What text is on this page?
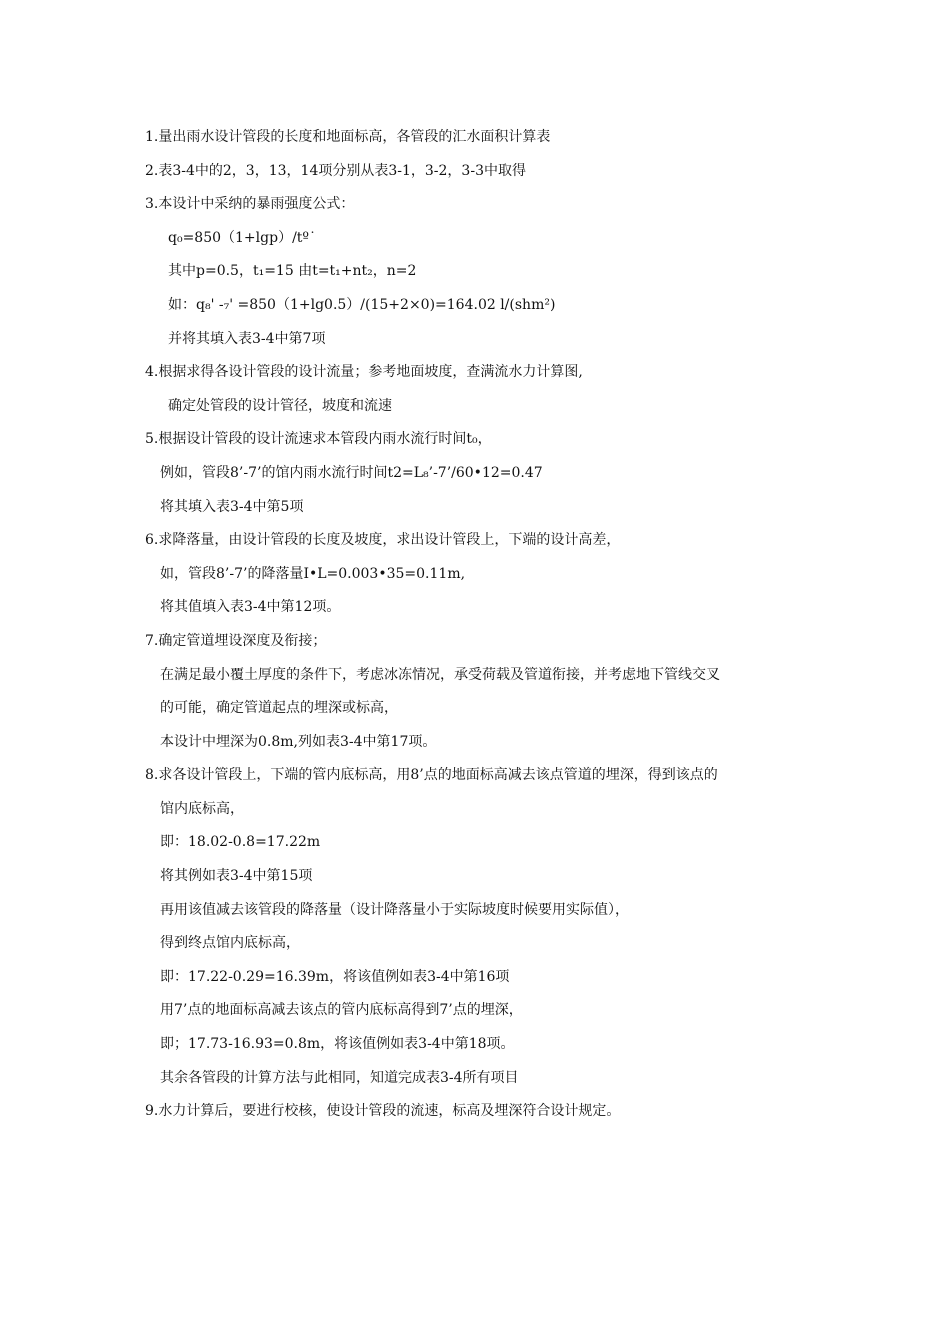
1.量出雨水设计管段的长度和地面标高，各管段的汇水面积计算表
2.表3-4中的2，3，13，14项分别从表3-1，3-2，3-3中取得
3.本设计中采纳的暴雨强度公式：
q₀=850（1+lgp）/tº˙
其中p=0.5，t₁=15 由t=t₁+nt₂，n=2
如：q₈' -₇' =850（1+lg0.5）/(15+2×0)=164.02 l/(shm²)
并将其填入表3-4中第7项
4.根据求得各设计管段的设计流量；参考地面坡度，查满流水力计算图,
确定处管段的设计管径，坡度和流速
5.根据设计管段的设计流速求本管段内雨水流行时间t₀，
例如，管段8’-7’的馆内雨水流行时间t2=L₈’-7’/60•12=0.47
将其填入表3-4中第5项
6.求降落量，由设计管段的长度及坡度，求出设计管段上，下端的设计高差，
如，管段8’-7’的降落量I•L=0.003•35=0.11m,
将其值填入表3-4中第12项。
7.确定管道埋设深度及衔接；
在满足最小覆土厚度的条件下，考虑冰冻情况，承受荷载及管道衔接，并考虑地下管线交叉
的可能，确定管道起点的埋深或标高，
本设计中埋深为0.8m,列如表3-4中第17项。
8.求各设计管段上，下端的管内底标高，用8’点的地面标高减去该点管道的埋深，得到该点的
馆内底标高，
即：18.02-0.8=17.22m
将其例如表3-4中第15项
再用该值减去该管段的降落量（设计降落量小于实际坡度时候要用实际值），
得到终点馆内底标高，
即：17.22-0.29=16.39m，将该值例如表3-4中第16项
用7’点的地面标高减去该点的管内底标高得到7’点的埋深，
即；17.73-16.93=0.8m，将该值例如表3-4中第18项。
其余各管段的计算方法与此相同，知道完成表3-4所有项目
9.水力计算后，要进行校核，使设计管段的流速，标高及埋深符合设计规定。
